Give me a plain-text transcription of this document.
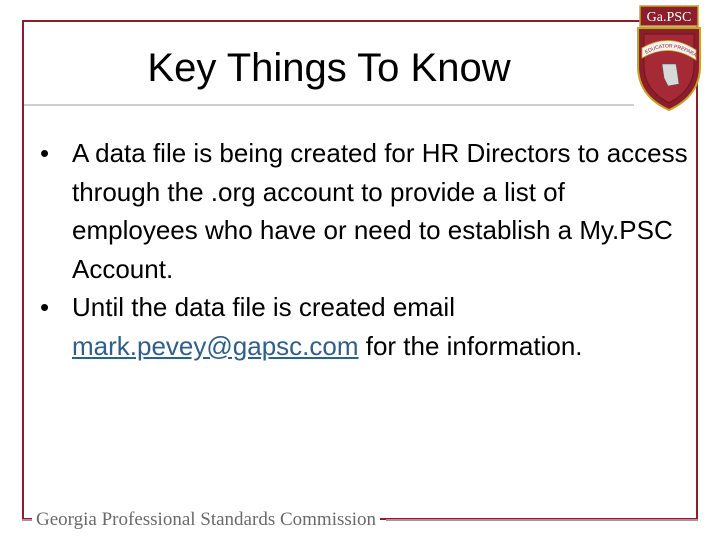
Key Things To Know
Ga.PSC
EDUCATOR PREPARA

• A data file is being created for HR Directors to access through the .org account to provide a list of employees who have or need to establish a My.PSC Account.

• Until the data file is created email mark.pevey@gapsc.com for the information.

Georgia Professional Standards Commission
